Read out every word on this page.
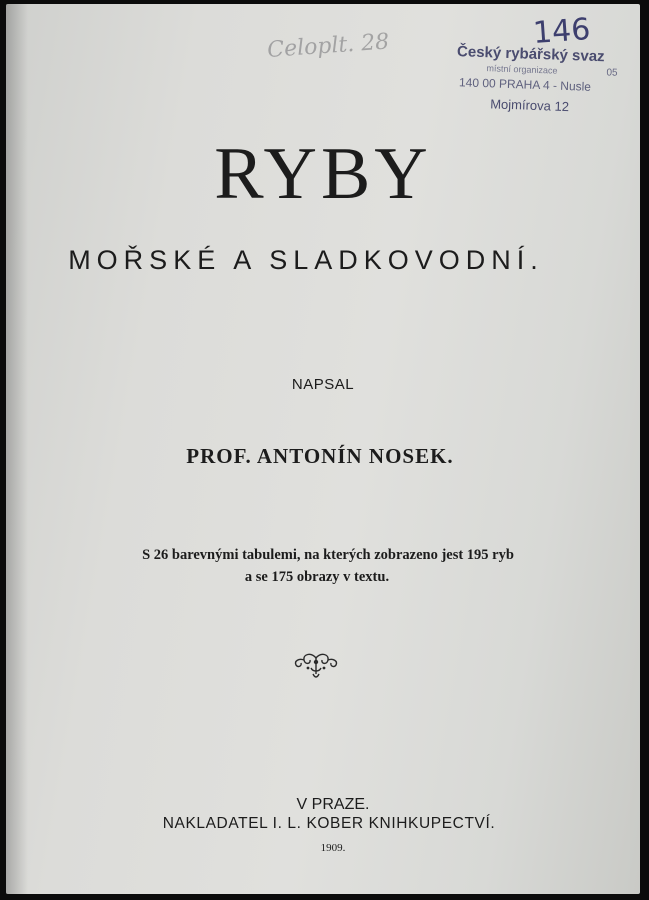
Celoplt. 28	146
Český rybářský svaz
místní organizace	05
140 00 PRAHA 4 - Nusle
Mojmírova 12
RYBY
MOŘSKÉ A SLADKOVODNÍ.
NAPSAL
PROF. ANTONÍN NOSEK.
S 26 barevnými tabulemi, na kterých zobrazeno jest 195 ryb
a se 175 obrazy v textu.
V PRAZE.
NAKLADATEL I. L. KOBER KNIHKUPECTVÍ.
1909.
